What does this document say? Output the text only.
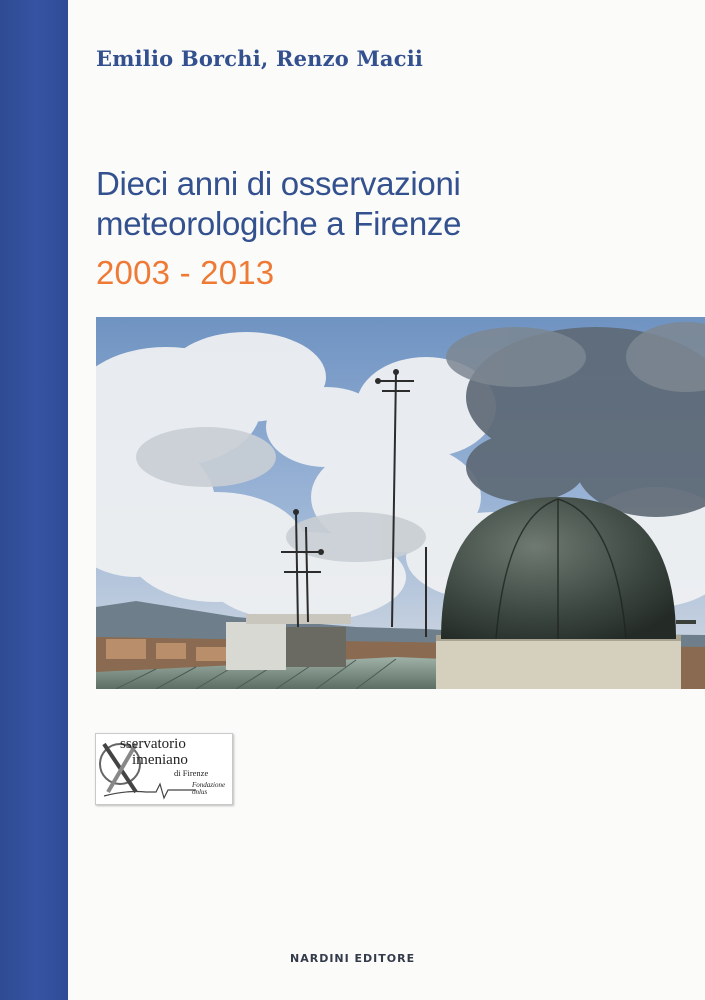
Emilio Borchi, Renzo Macii
Dieci anni di osservazioni
meteorologiche a Firenze
2003 - 2013
sservatorio
imeniano
di Firenze
Fondazione onlus
NARDINI EDITORE
